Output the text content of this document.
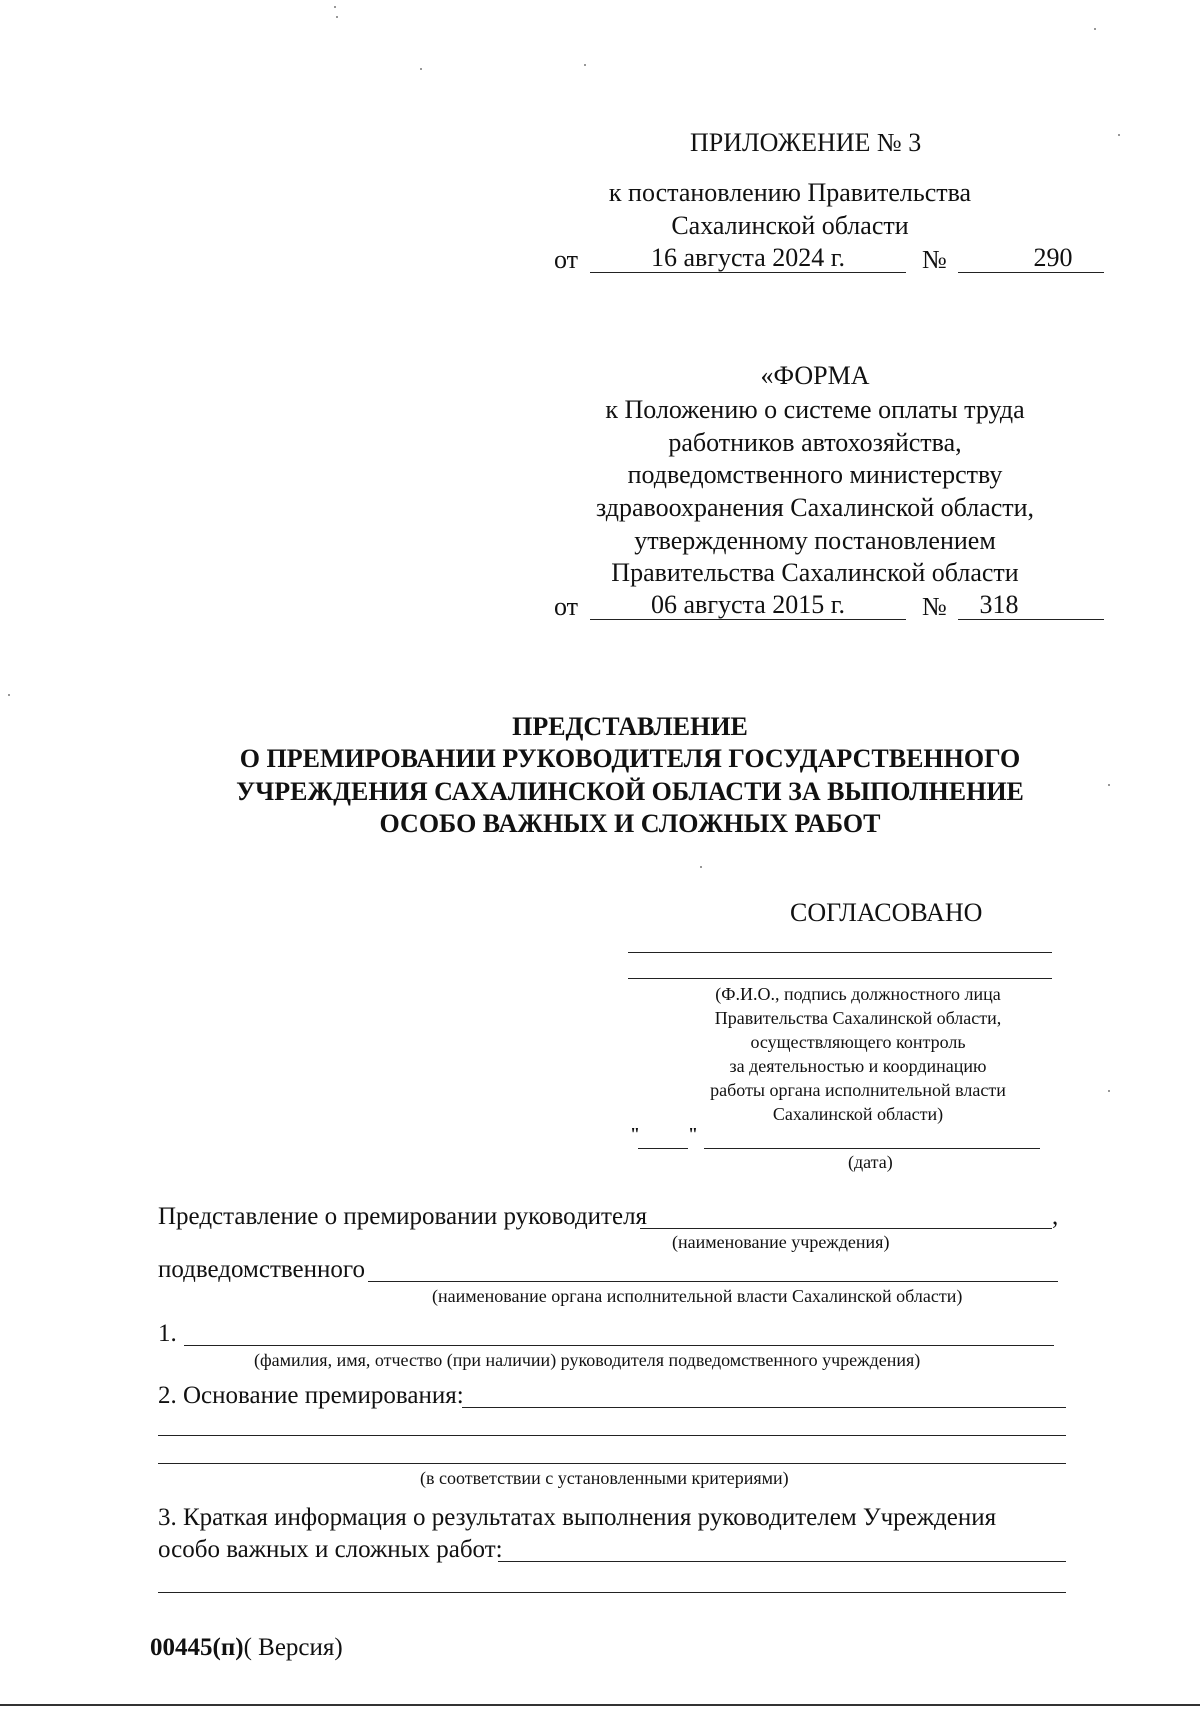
ПРИЛОЖЕНИЕ № 3
к постановлению Правительства
Сахалинской области
от	16 августа 2024 г.	№	290
«ФОРМА
к Положению о системе оплаты труда
работников автохозяйства,
подведомственного министерству
здравоохранения Сахалинской области,
утвержденному постановлением
Правительства Сахалинской области
от	06 августа 2015 г.	№	318
ПРЕДСТАВЛЕНИЕ
О ПРЕМИРОВАНИИ РУКОВОДИТЕЛЯ ГОСУДАРСТВЕННОГО
УЧРЕЖДЕНИЯ САХАЛИНСКОЙ ОБЛАСТИ ЗА ВЫПОЛНЕНИЕ
ОСОБО ВАЖНЫХ И СЛОЖНЫХ РАБОТ
СОГЛАСОВАНО
(Ф.И.О., подпись должностного лица
Правительства Сахалинской области,
осуществляющего контроль
за деятельностью и координацию
работы органа исполнительной власти
Сахалинской области)
"	"
(дата)
Представление о премировании руководителя	,
(наименование учреждения)
подведомственного
(наименование органа исполнительной власти Сахалинской области)
1.
(фамилия, имя, отчество (при наличии) руководителя подведомственного учреждения)
2. Основание премирования:
(в соответствии с установленными критериями)
3. Краткая информация о результатах выполнения руководителем Учреждения
особо важных и сложных работ:
00445(п)( Версия)
